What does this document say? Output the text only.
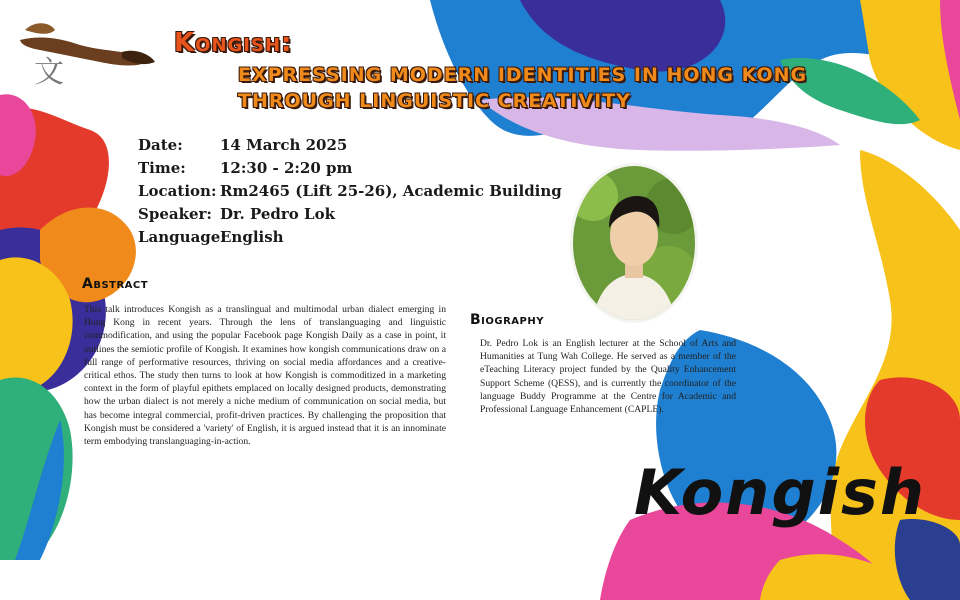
文
Kongish:
EXPRESSING MODERN IDENTITIES IN HONG KONG THROUGH LINGUISTIC CREATIVITY
Date:	14 March 2025
Time:	12:30 - 2:20 pm
Location: Rm2465 (Lift 25-26), Academic Building
Speaker: Dr. Pedro Lok
Language:
English
Abstract

This talk introduces Kongish as a translingual and multimodal urban dialect emerging in Hong Kong in recent years. Through the lens of translanguaging and linguistic commodification, and using the popular Facebook page Kongish Daily as a case in point, it outlines the semiotic profile of Kongish. It examines how kongish communications draw on a full range of performative resources, thriving on social media affordances and a creative-critical ethos. The study then turns to look at how Kongish is commoditized in a marketing context in the form of playful epithets emplaced on locally designed products, demonstrating how the urban dialect is not merely a niche medium of communication on social media, but has become integral commercial, profit-driven practices. By challenging the proposition that Kongish must be considered a 'variety' of English, it is argued instead that it is an innominate term embodying translanguaging-in-action.

Biography

Dr. Pedro Lok is an English lecturer at the School of Arts and Humanities at Tung Wah College. He served as a member of the eTeaching Literacy project funded by the Quality Enhancement Support Scheme (QESS), and is currently the coordinator of the language Buddy Programme at the Centre for Academic and Professional Language Enhancement (CAPLE).

Kongish
